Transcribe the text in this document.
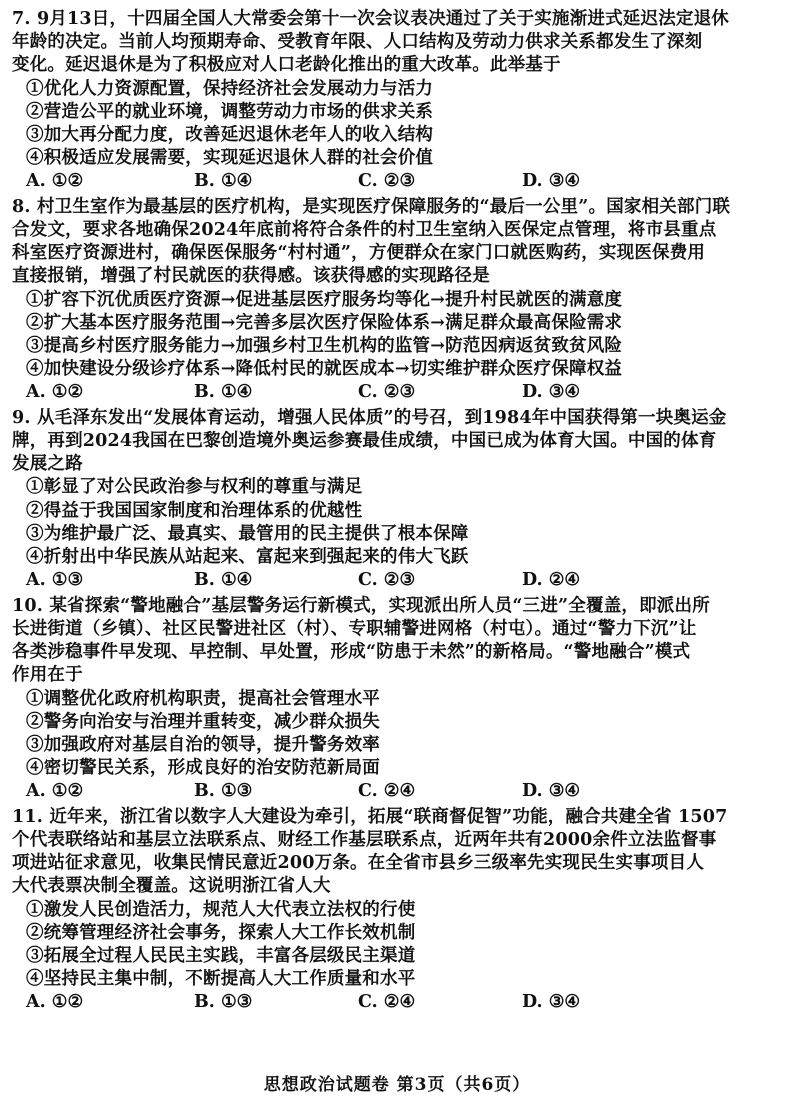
7. 9月13日，十四届全国人大常委会第十一次会议表决通过了关于实施渐进式延迟法定退休

年龄的决定。当前人均预期寿命、受教育年限、人口结构及劳动力供求关系都发生了深刻

变化。延迟退休是为了积极应对人口老龄化推出的重大改革。此举基于

①优化人力资源配置，保持经济社会发展动力与活力

②营造公平的就业环境，调整劳动力市场的供求关系

③加大再分配力度，改善延迟退休老年人的收入结构

④积极适应发展需要，实现延迟退休人群的社会价值

A. ①②	B. ①④	C. ②③	D. ③④

8. 村卫生室作为最基层的医疗机构，是实现医疗保障服务的“最后一公里”。国家相关部门联

合发文，要求各地确保2024年底前将符合条件的村卫生室纳入医保定点管理，将市县重点

科室医疗资源进村，确保医保服务“村村通”，方便群众在家门口就医购药，实现医保费用

直接报销，增强了村民就医的获得感。该获得感的实现路径是

①扩容下沉优质医疗资源→促进基层医疗服务均等化→提升村民就医的满意度

②扩大基本医疗服务范围→完善多层次医疗保险体系→满足群众最高保险需求

③提高乡村医疗服务能力→加强乡村卫生机构的监管→防范因病返贫致贫风险

④加快建设分级诊疗体系→降低村民的就医成本→切实维护群众医疗保障权益

A. ①②	B. ①④	C. ②③	D. ③④

9. 从毛泽东发出“发展体育运动，增强人民体质”的号召，到1984年中国获得第一块奥运金

牌，再到2024我国在巴黎创造境外奥运参赛最佳成绩，中国已成为体育大国。中国的体育

发展之路

①彰显了对公民政治参与权利的尊重与满足

②得益于我国国家制度和治理体系的优越性

③为维护最广泛、最真实、最管用的民主提供了根本保障

④折射出中华民族从站起来、富起来到强起来的伟大飞跃

A. ①③	B. ①④	C. ②③	D. ②④

10. 某省探索“警地融合”基层警务运行新模式，实现派出所人员“三进”全覆盖，即派出所

长进街道（乡镇）、社区民警进社区（村）、专职辅警进网格（村屯）。通过“警力下沉”让

各类涉稳事件早发现、早控制、早处置，形成“防患于未然”的新格局。“警地融合”模式

作用在于

①调整优化政府机构职责，提高社会管理水平

②警务向治安与治理并重转变，减少群众损失

③加强政府对基层自治的领导，提升警务效率

④密切警民关系，形成良好的治安防范新局面

A. ①②	B. ①③	C. ②④	D. ③④

11. 近年来，浙江省以数字人大建设为牵引，拓展“联商督促智”功能，融合共建全省 1507

个代表联络站和基层立法联系点、财经工作基层联系点，近两年共有2000余件立法监督事

项进站征求意见，收集民情民意近200万条。在全省市县乡三级率先实现民生实事项目人

大代表票决制全覆盖。这说明浙江省人大

①激发人民创造活力，规范人大代表立法权的行使

②统筹管理经济社会事务，探索人大工作长效机制

③拓展全过程人民民主实践，丰富各层级民主渠道

④坚持民主集中制，不断提高人大工作质量和水平

A. ①②	B. ①③	C. ②④	D. ③④
思想政治试题卷 第3页（共6页）
